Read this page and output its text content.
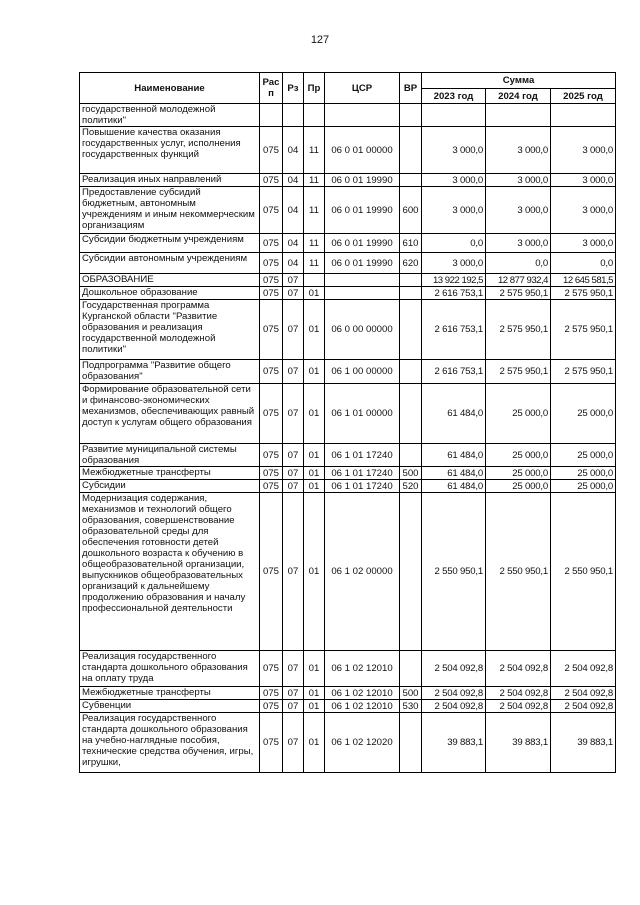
127
Наименование	Рас п	Рз	Пр	ЦСР	ВР	Сумма		
						2023 год	2024 год	2025 год
государственной молодежной политики"								
Повышение качества оказания государственных услуг, исполнения государственных функций	075	04	11	06 0 01 00000		3 000,0	3 000,0	3 000,0
Реализация иных направлений	075	04	11	06 0 01 19990		3 000,0	3 000,0	3 000,0
Предоставление субсидий бюджетным, автономным учреждениям и иным некоммерческим организациям	075	04	11	06 0 01 19990	600	3 000,0	3 000,0	3 000,0
Субсидии бюджетным учреждениям	075	04	11	06 0 01 19990	610	0,0	3 000,0	3 000,0
Субсидии автономным учреждениям	075	04	11	06 0 01 19990	620	3 000,0	0,0	0,0
ОБРАЗОВАНИЕ	075	07				13 922 192,5	12 877 932,4	12 645 581,5
Дошкольное образование	075	07	01			2 616 753,1	2 575 950,1	2 575 950,1
Государственная программа Курганской области "Развитие образования и реализация государственной молодежной политики"	075	07	01	06 0 00 00000		2 616 753,1	2 575 950,1	2 575 950,1
Подпрограмма "Развитие общего образования"	075	07	01	06 1 00 00000		2 616 753,1	2 575 950,1	2 575 950,1
Формирование образовательной сети и финансово-экономических механизмов, обеспечивающих равный доступ к услугам общего образования	075	07	01	06 1 01 00000		61 484,0	25 000,0	25 000,0
Развитие муниципальной системы образования	075	07	01	06 1 01 17240		61 484,0	25 000,0	25 000,0
Межбюджетные трансферты	075	07	01	06 1 01 17240	500	61 484,0	25 000,0	25 000,0
Субсидии	075	07	01	06 1 01 17240	520	61 484,0	25 000,0	25 000,0
Модернизация содержания, механизмов и технологий общего образования, совершенствование образовательной среды для обеспечения готовности детей дошкольного возраста к обучению в общеобразовательной организации, выпускников общеобразовательных организаций к дальнейшему продолжению образования и началу профессиональной деятельности	075	07	01	06 1 02 00000		2 550 950,1	2 550 950,1	2 550 950,1
Реализация государственного стандарта дошкольного образования на оплату труда	075	07	01	06 1 02 12010		2 504 092,8	2 504 092,8	2 504 092,8
Межбюджетные трансферты	075	07	01	06 1 02 12010	500	2 504 092,8	2 504 092,8	2 504 092,8
Субвенции	075	07	01	06 1 02 12010	530	2 504 092,8	2 504 092,8	2 504 092,8
Реализация государственного стандарта дошкольного образования на учебно-наглядные пособия, технические средства обучения, игры, игрушки,	075	07	01	06 1 02 12020		39 883,1	39 883,1	39 883,1
